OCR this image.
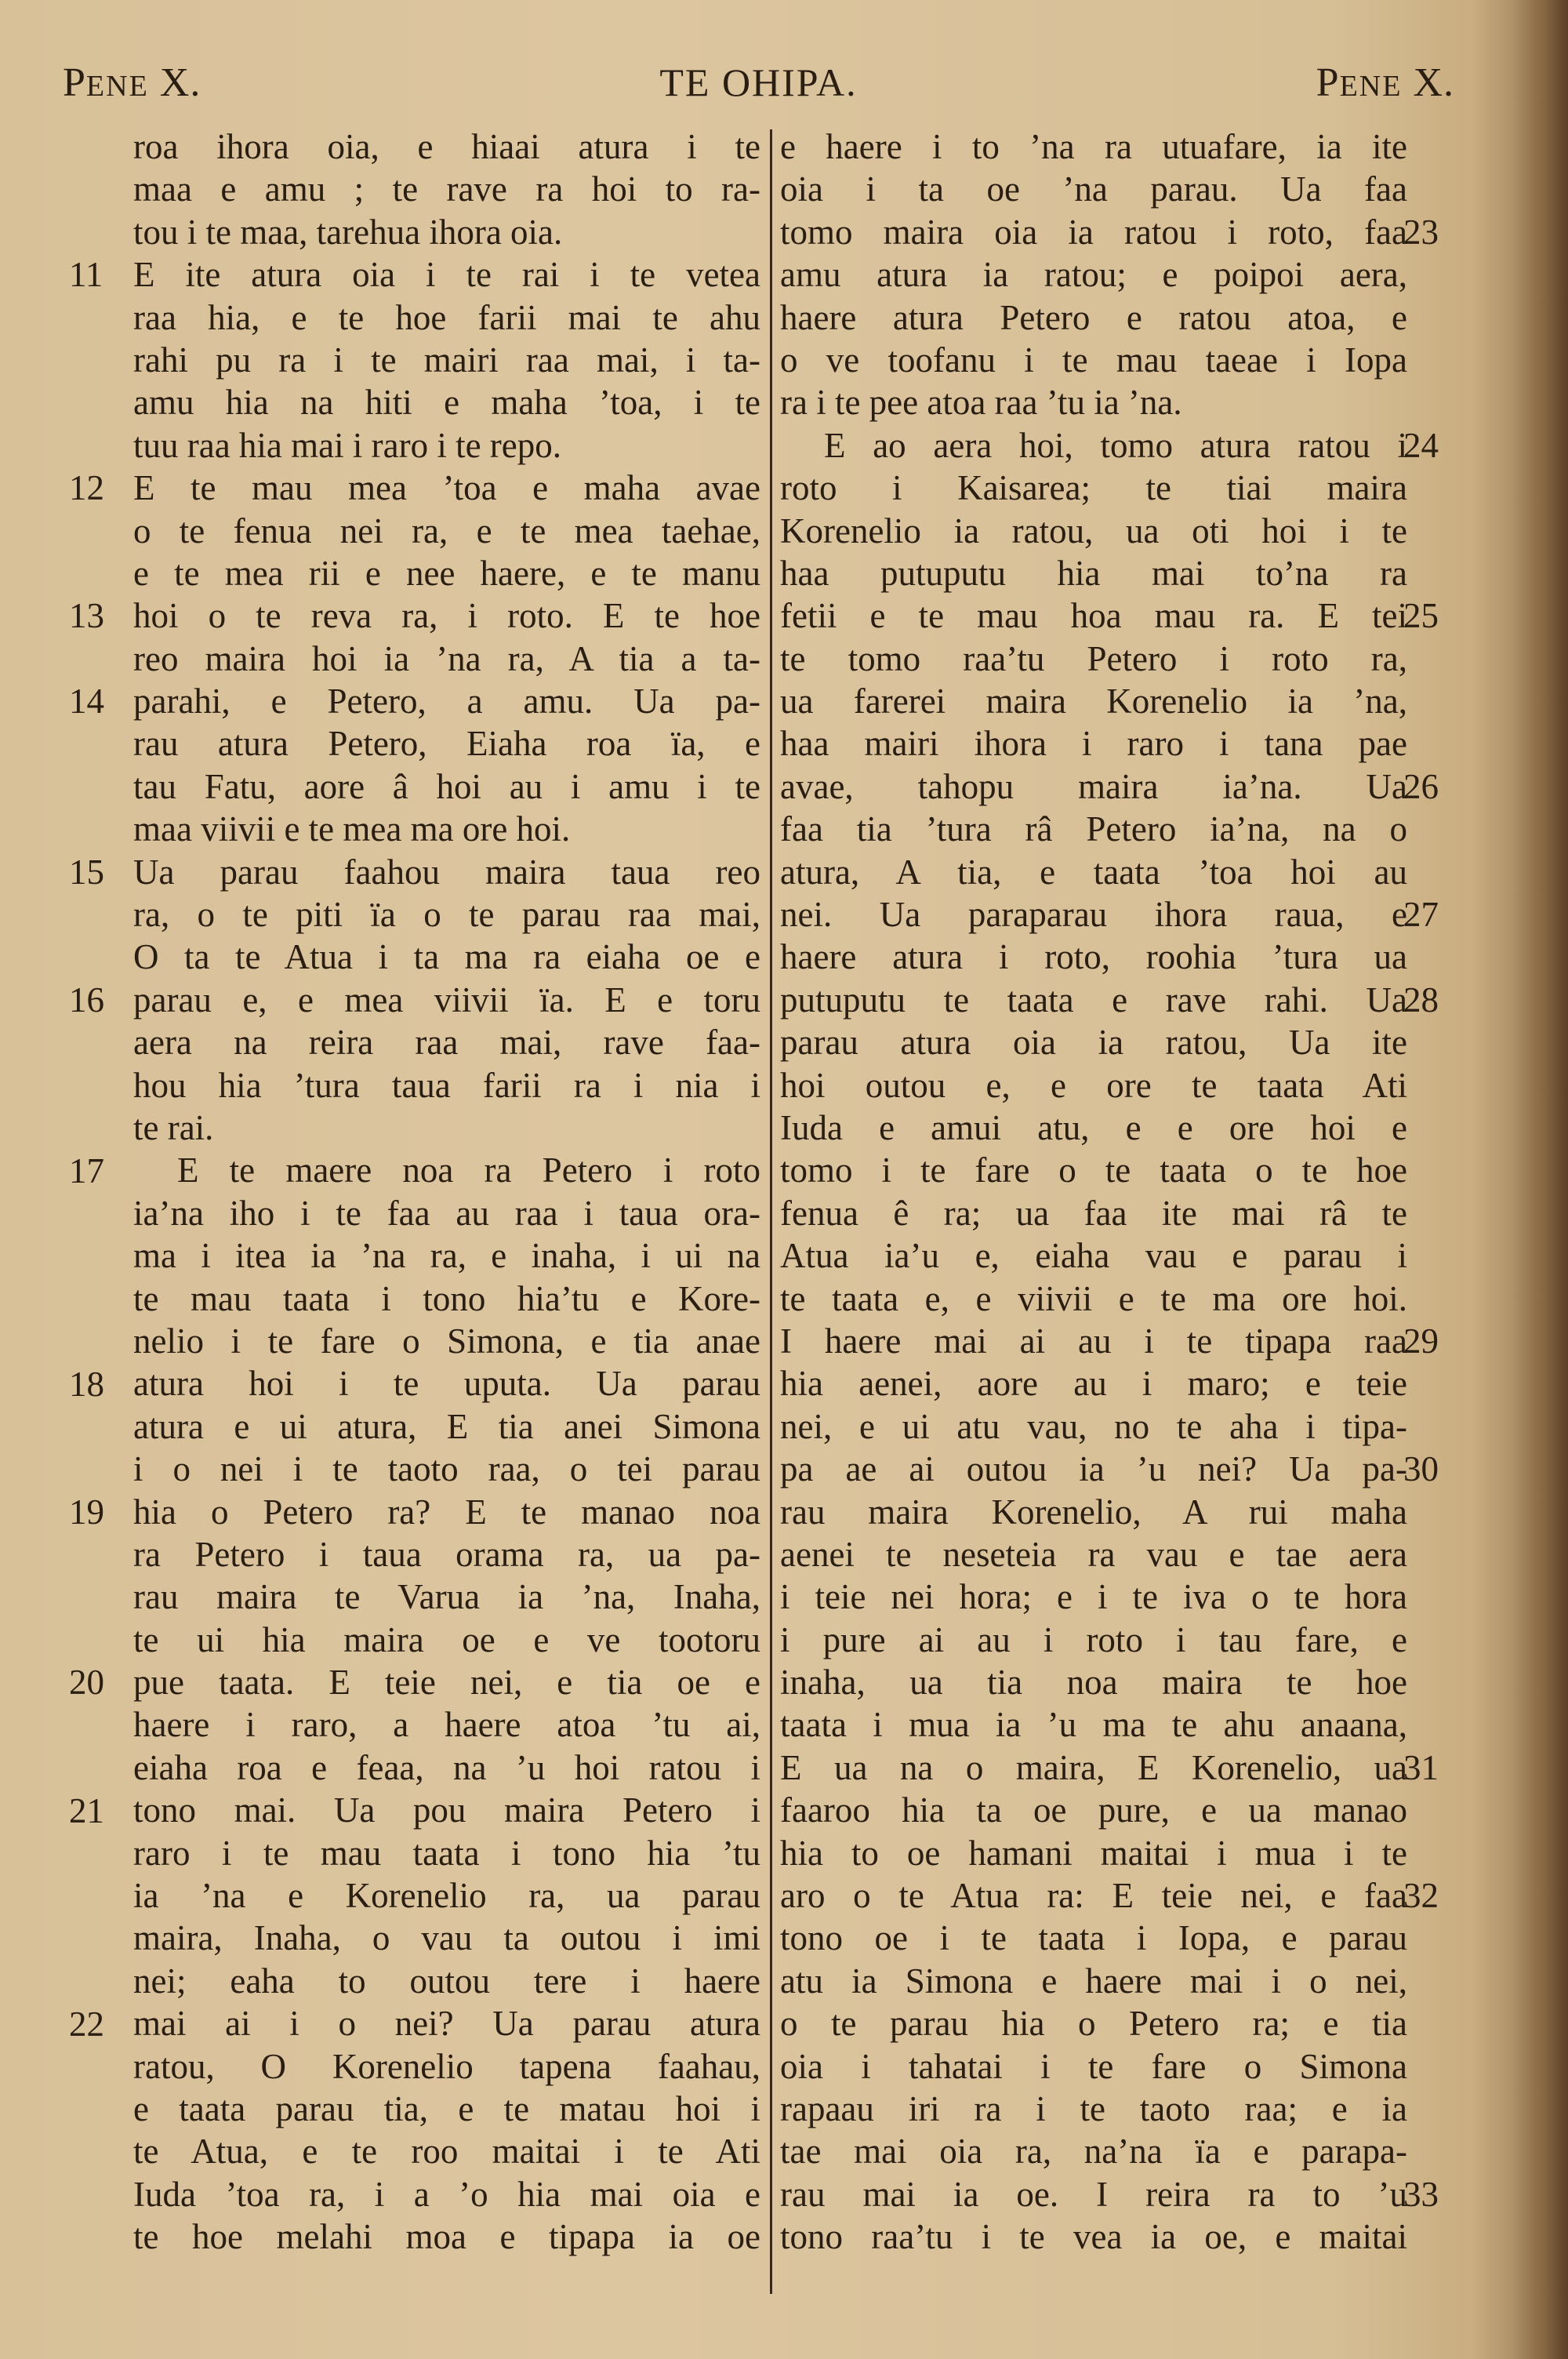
PENE X.	TE OHIPA.	PENE X.
roa ihora oia, e hiaai atura i te
maa e amu ; te rave ra hoi to ra-
tou i te maa, tarehua ihora oia.
E ite atura oia i te rai i te vetea
raa hia, e te hoe farii mai te ahu
rahi pu ra i te mairi raa mai, i ta-
amu hia na hiti e maha ’toa, i te
tuu raa hia mai i raro i te repo.
E te mau mea ’toa e maha avae
o te fenua nei ra, e te mea taehae,
e te mea rii e nee haere, e te manu
hoi o te reva ra, i roto. E te hoe
reo maira hoi ia ’na ra, A tia a ta-
parahi, e Petero, a amu. Ua pa-
rau atura Petero, Eiaha roa ïa, e
tau Fatu, aore â hoi au i amu i te
maa viivii e te mea ma ore hoi.
Ua parau faahou maira taua reo
ra, o te piti ïa o te parau raa mai,
O ta te Atua i ta ma ra eiaha oe e
parau e, e mea viivii ïa. E e toru
aera na reira raa mai, rave faa-
hou hia ’tura taua farii ra i nia i
te rai.
E te maere noa ra Petero i roto
ia’na iho i te faa au raa i taua ora-
ma i itea ia ’na ra, e inaha, i ui na
te mau taata i tono hia’tu e Kore-
nelio i te fare o Simona, e tia anae
atura hoi i te uputa. Ua parau
atura e ui atura, E tia anei Simona
i o nei i te taoto raa, o tei parau
hia o Petero ra? E te manao noa
ra Petero i taua orama ra, ua pa-
rau maira te Varua ia ’na, Inaha,
te ui hia maira oe e ve tootoru
pue taata. E teie nei, e tia oe e
haere i raro, a haere atoa ’tu ai,
eiaha roa e feaa, na ’u hoi ratou i
tono mai. Ua pou maira Petero i
raro i te mau taata i tono hia ’tu
ia ’na e Korenelio ra, ua parau
maira, Inaha, o vau ta outou i imi
nei; eaha to outou tere i haere
mai ai i o nei? Ua parau atura
ratou, O Korenelio tapena faahau,
e taata parau tia, e te matau hoi i
te Atua, e te roo maitai i te Ati
Iuda ’toa ra, i a ’o hia mai oia e
te hoe melahi moa e tipapa ia oe
e haere i to ’na ra utuafare, ia ite
oia i ta oe ’na parau. Ua faa
tomo maira oia ia ratou i roto, faa
amu atura ia ratou; e poipoi aera,
haere atura Petero e ratou atoa, e
o ve toofanu i te mau taeae i Iopa
ra i te pee atoa raa ’tu ia ’na.
E ao aera hoi, tomo atura ratou i
roto i Kaisarea; te tiai maira
Korenelio ia ratou, ua oti hoi i te
haa putuputu hia mai to’na ra
fetii e te mau hoa mau ra. E tei
te tomo raa’tu Petero i roto ra,
ua farerei maira Korenelio ia ’na,
haa mairi ihora i raro i tana pae
avae, tahopu maira ia’na. Ua
faa tia ’tura râ Petero ia’na, na o
atura, A tia, e taata ’toa hoi au
nei. Ua paraparau ihora raua, e
haere atura i roto, roohia ’tura ua
putuputu te taata e rave rahi. Ua
parau atura oia ia ratou, Ua ite
hoi outou e, e ore te taata Ati
Iuda e amui atu, e e ore hoi e
tomo i te fare o te taata o te hoe
fenua ê ra; ua faa ite mai râ te
Atua ia’u e, eiaha vau e parau i
te taata e, e viivii e te ma ore hoi.
I haere mai ai au i te tipapa raa
hia aenei, aore au i maro; e teie
nei, e ui atu vau, no te aha i tipa-
pa ae ai outou ia ’u nei? Ua pa-
rau maira Korenelio, A rui maha
aenei te neseteia ra vau e tae aera
i teie nei hora; e i te iva o te hora
i pure ai au i roto i tau fare, e
inaha, ua tia noa maira te hoe
taata i mua ia ’u ma te ahu anaana,
E ua na o maira, E Korenelio, ua
faaroo hia ta oe pure, e ua manao
hia to oe hamani maitai i mua i te
aro o te Atua ra: E teie nei, e faa
tono oe i te taata i Iopa, e parau
atu ia Simona e haere mai i o nei,
o te parau hia o Petero ra; e tia
oia i tahatai i te fare o Simona
rapaau iri ra i te taoto raa; e ia
tae mai oia ra, na’na ïa e parapa-
rau mai ia oe. I reira ra to ’u
tono raa’tu i te vea ia oe, e maitai
11
12
13
14
15
16
17
18
19
20
21
22
23
24
25
26
27
28
29
30
31
32
33
